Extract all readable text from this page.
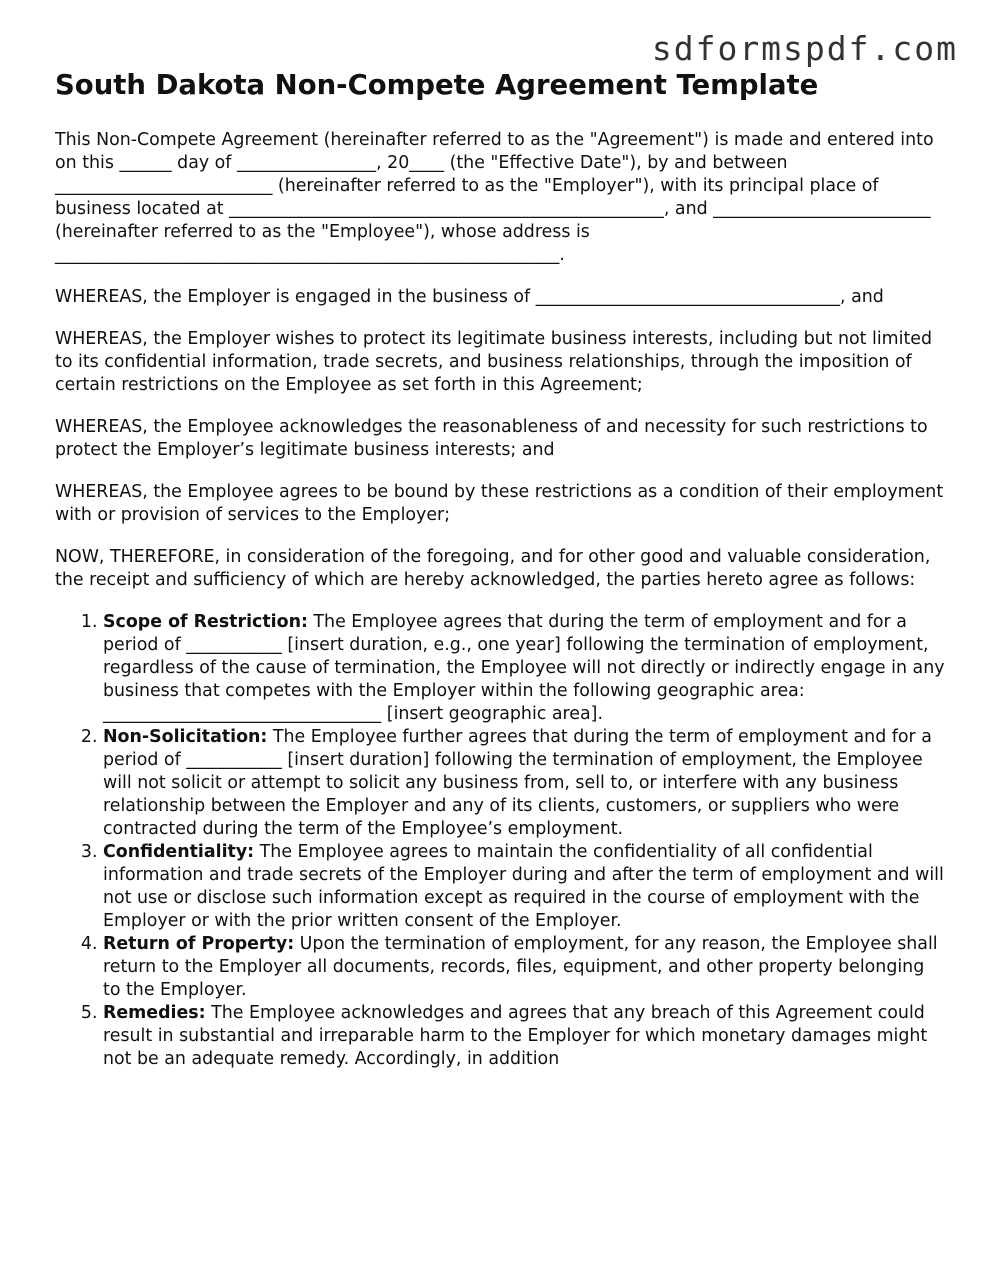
sdformspdf.com
South Dakota Non-Compete Agreement Template

This Non-Compete Agreement (hereinafter referred to as the "Agreement") is made and entered into on this ______ day of ________________, 20____ (the "Effective Date"), by and between _________________________ (hereinafter referred to as the "Employer"), with its principal place of business located at __________________________________________________, and _________________________ (hereinafter referred to as the "Employee"), whose address is __________________________________________________________.

WHEREAS, the Employer is engaged in the business of ___________________________________, and

WHEREAS, the Employer wishes to protect its legitimate business interests, including but not limited to its confidential information, trade secrets, and business relationships, through the imposition of certain restrictions on the Employee as set forth in this Agreement;

WHEREAS, the Employee acknowledges the reasonableness of and necessity for such restrictions to protect the Employer’s legitimate business interests; and

WHEREAS, the Employee agrees to be bound by these restrictions as a condition of their employment with or provision of services to the Employer;

NOW, THEREFORE, in consideration of the foregoing, and for other good and valuable consideration, the receipt and sufficiency of which are hereby acknowledged, the parties hereto agree as follows:

1. Scope of Restriction: The Employee agrees that during the term of employment and for a period of ___________ [insert duration, e.g., one year] following the termination of employment, regardless of the cause of termination, the Employee will not directly or indirectly engage in any business that competes with the Employer within the following geographic area: ________________________________ [insert geographic area].
2. Non-Solicitation: The Employee further agrees that during the term of employment and for a period of ___________ [insert duration] following the termination of employment, the Employee will not solicit or attempt to solicit any business from, sell to, or interfere with any business relationship between the Employer and any of its clients, customers, or suppliers who were contracted during the term of the Employee’s employment.
3. Confidentiality: The Employee agrees to maintain the confidentiality of all confidential information and trade secrets of the Employer during and after the term of employment and will not use or disclose such information except as required in the course of employment with the Employer or with the prior written consent of the Employer.
4. Return of Property: Upon the termination of employment, for any reason, the Employee shall return to the Employer all documents, records, files, equipment, and other property belonging to the Employer.
5. Remedies: The Employee acknowledges and agrees that any breach of this Agreement could result in substantial and irreparable harm to the Employer for which monetary damages might not be an adequate remedy. Accordingly, in addition
